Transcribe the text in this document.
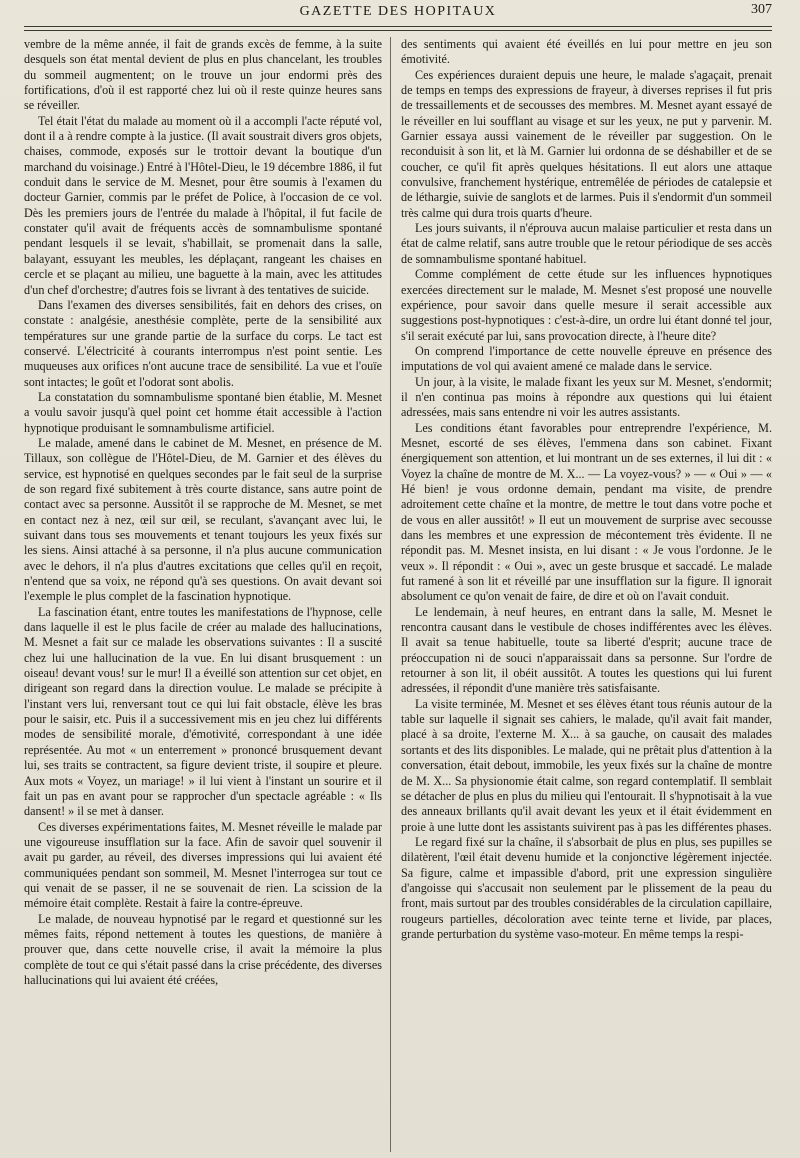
GAZETTE DES HOPITAUX	307

vembre de la même année, il fait de grands excès de femme, à la suite desquels son état mental devient de plus en plus chancelant, les troubles du sommeil augmentent; on le trouve un jour endormi près des fortifications, d'où il est rapporté chez lui où il reste quinze heures sans se réveiller.

Tel était l'état du malade au moment où il a accompli l'acte réputé vol, dont il a à rendre compte à la justice. (Il avait soustrait divers gros objets, chaises, commode, exposés sur le trottoir devant la boutique d'un marchand du voisinage.) Entré à l'Hôtel-Dieu, le 19 décembre 1886, il fut conduit dans le service de M. Mesnet, pour être soumis à l'examen du docteur Garnier, commis par le préfet de Police, à l'occasion de ce vol. Dès les premiers jours de l'entrée du malade à l'hôpital, il fut facile de constater qu'il avait de fréquents accès de somnambulisme spontané pendant lesquels il se levait, s'habillait, se promenait dans la salle, balayant, essuyant les meubles, les déplaçant, rangeant les chaises en cercle et se plaçant au milieu, une baguette à la main, avec les attitudes d'un chef d'orchestre; d'autres fois se livrant à des tentatives de suicide.

Dans l'examen des diverses sensibilités, fait en dehors des crises, on constate : analgésie, anesthésie complète, perte de la sensibilité aux températures sur une grande partie de la surface du corps. Le tact est conservé. L'électricité à courants interrompus n'est point sentie. Les muqueuses aux orifices n'ont aucune trace de sensibilité. La vue et l'ouïe sont intactes; le goût et l'odorat sont abolis.

La constatation du somnambulisme spontané bien établie, M. Mesnet a voulu savoir jusqu'à quel point cet homme était accessible à l'action hypnotique produisant le somnambulisme artificiel.

Le malade, amené dans le cabinet de M. Mesnet, en présence de M. Tillaux, son collègue de l'Hôtel-Dieu, de M. Garnier et des élèves du service, est hypnotisé en quelques secondes par le fait seul de la surprise de son regard fixé subitement à très courte distance, sans autre point de contact avec sa personne. Aussitôt il se rapproche de M. Mesnet, se met en contact nez à nez, œil sur œil, se reculant, s'avançant avec lui, le suivant dans tous ses mouvements et tenant toujours les yeux fixés sur les siens. Ainsi attaché à sa personne, il n'a plus aucune communication avec le dehors, il n'a plus d'autres excitations que celles qu'il en reçoit, n'entend que sa voix, ne répond qu'à ses questions. On avait devant soi l'exemple le plus complet de la fascination hypnotique.

La fascination étant, entre toutes les manifestations de l'hypnose, celle dans laquelle il est le plus facile de créer au malade des hallucinations, M. Mesnet a fait sur ce malade les observations suivantes : Il a suscité chez lui une hallucination de la vue. En lui disant brusquement : un oiseau! devant vous! sur le mur! Il a éveillé son attention sur cet objet, en dirigeant son regard dans la direction voulue. Le malade se précipite à l'instant vers lui, renversant tout ce qui lui fait obstacle, élève les bras pour le saisir, etc. Puis il a successivement mis en jeu chez lui différents modes de sensibilité morale, d'émotivité, correspondant à une idée représentée. Au mot « un enterrement » prononcé brusquement devant lui, ses traits se contractent, sa figure devient triste, il soupire et pleure. Aux mots « Voyez, un mariage! » il lui vient à l'instant un sourire et il fait un pas en avant pour se rapprocher d'un spectacle agréable : « Ils dansent! » il se met à danser.

Ces diverses expérimentations faites, M. Mesnet réveille le malade par une vigoureuse insufflation sur la face. Afin de savoir quel souvenir il avait pu garder, au réveil, des diverses impressions qui lui avaient été communiquées pendant son sommeil, M. Mesnet l'interrogea sur tout ce qui venait de se passer, il ne se souvenait de rien. La scission de la mémoire était complète. Restait à faire la contre-épreuve.

Le malade, de nouveau hypnotisé par le regard et questionné sur les mêmes faits, répond nettement à toutes les questions, de manière à prouver que, dans cette nouvelle crise, il avait la mémoire la plus complète de tout ce qui s'était passé dans la crise précédente, des diverses hallucinations qui lui avaient été créées,

des sentiments qui avaient été éveillés en lui pour mettre en jeu son émotivité.

Ces expériences duraient depuis une heure, le malade s'agaçait, prenait de temps en temps des expressions de frayeur, à diverses reprises il fut pris de tressaillements et de secousses des membres. M. Mesnet ayant essayé de le réveiller en lui soufflant au visage et sur les yeux, ne put y parvenir. M. Garnier essaya aussi vainement de le réveiller par suggestion. On le reconduisit à son lit, et là M. Garnier lui ordonna de se déshabiller et de se coucher, ce qu'il fit après quelques hésitations. Il eut alors une attaque convulsive, franchement hystérique, entremêlée de périodes de catalepsie et de léthargie, suivie de sanglots et de larmes. Puis il s'endormit d'un sommeil très calme qui dura trois quarts d'heure.

Les jours suivants, il n'éprouva aucun malaise particulier et resta dans un état de calme relatif, sans autre trouble que le retour périodique de ses accès de somnambulisme spontané habituel.

Comme complément de cette étude sur les influences hypnotiques exercées directement sur le malade, M. Mesnet s'est proposé une nouvelle expérience, pour savoir dans quelle mesure il serait accessible aux suggestions post-hypnotiques : c'est-à-dire, un ordre lui étant donné tel jour, s'il serait exécuté par lui, sans provocation directe, à l'heure dite?

On comprend l'importance de cette nouvelle épreuve en présence des imputations de vol qui avaient amené ce malade dans le service.

Un jour, à la visite, le malade fixant les yeux sur M. Mesnet, s'endormit; il n'en continua pas moins à répondre aux questions qui lui étaient adressées, mais sans entendre ni voir les autres assistants.

Les conditions étant favorables pour entreprendre l'expérience, M. Mesnet, escorté de ses élèves, l'emmena dans son cabinet. Fixant énergiquement son attention, et lui montrant un de ses externes, il lui dit : « Voyez la chaîne de montre de M. X... — La voyez-vous? » — « Oui » — « Hé bien! je vous ordonne demain, pendant ma visite, de prendre adroitement cette chaîne et la montre, de mettre le tout dans votre poche et de vous en aller aussitôt! » Il eut un mouvement de surprise avec secousse dans les membres et une expression de mécontement très évidente. Il ne répondit pas. M. Mesnet insista, en lui disant : « Je vous l'ordonne. Je le veux ». Il répondit : « Oui », avec un geste brusque et saccadé. Le malade fut ramené à son lit et réveillé par une insufflation sur la figure. Il ignorait absolument ce qu'on venait de faire, de dire et où on l'avait conduit.

Le lendemain, à neuf heures, en entrant dans la salle, M. Mesnet le rencontra causant dans le vestibule de choses indifférentes avec les élèves. Il avait sa tenue habituelle, toute sa liberté d'esprit; aucune trace de préoccupation ni de souci n'apparaissait dans sa personne. Sur l'ordre de retourner à son lit, il obéit aussitôt. A toutes les questions qui lui furent adressées, il répondit d'une manière très satisfaisante.

La visite terminée, M. Mesnet et ses élèves étant tous réunis autour de la table sur laquelle il signait ses cahiers, le malade, qu'il avait fait mander, placé à sa droite, l'externe M. X... à sa gauche, on causait des malades sortants et des lits disponibles. Le malade, qui ne prêtait plus d'attention à la conversation, était debout, immobile, les yeux fixés sur la chaîne de montre de M. X... Sa physionomie était calme, son regard contemplatif. Il semblait se détacher de plus en plus du milieu qui l'entourait. Il s'hypnotisait à la vue des anneaux brillants qu'il avait devant les yeux et il était évidemment en proie à une lutte dont les assistants suivirent pas à pas les différentes phases.

Le regard fixé sur la chaîne, il s'absorbait de plus en plus, ses pupilles se dilatèrent, l'œil était devenu humide et la conjonctive légèrement injectée. Sa figure, calme et impassible d'abord, prit une expression singulière d'angoisse qui s'accusait non seulement par le plissement de la peau du front, mais surtout par des troubles considérables de la circulation capillaire, rougeurs partielles, décoloration avec teinte terne et livide, par places, grande perturbation du système vaso-moteur. En même temps la respi-
